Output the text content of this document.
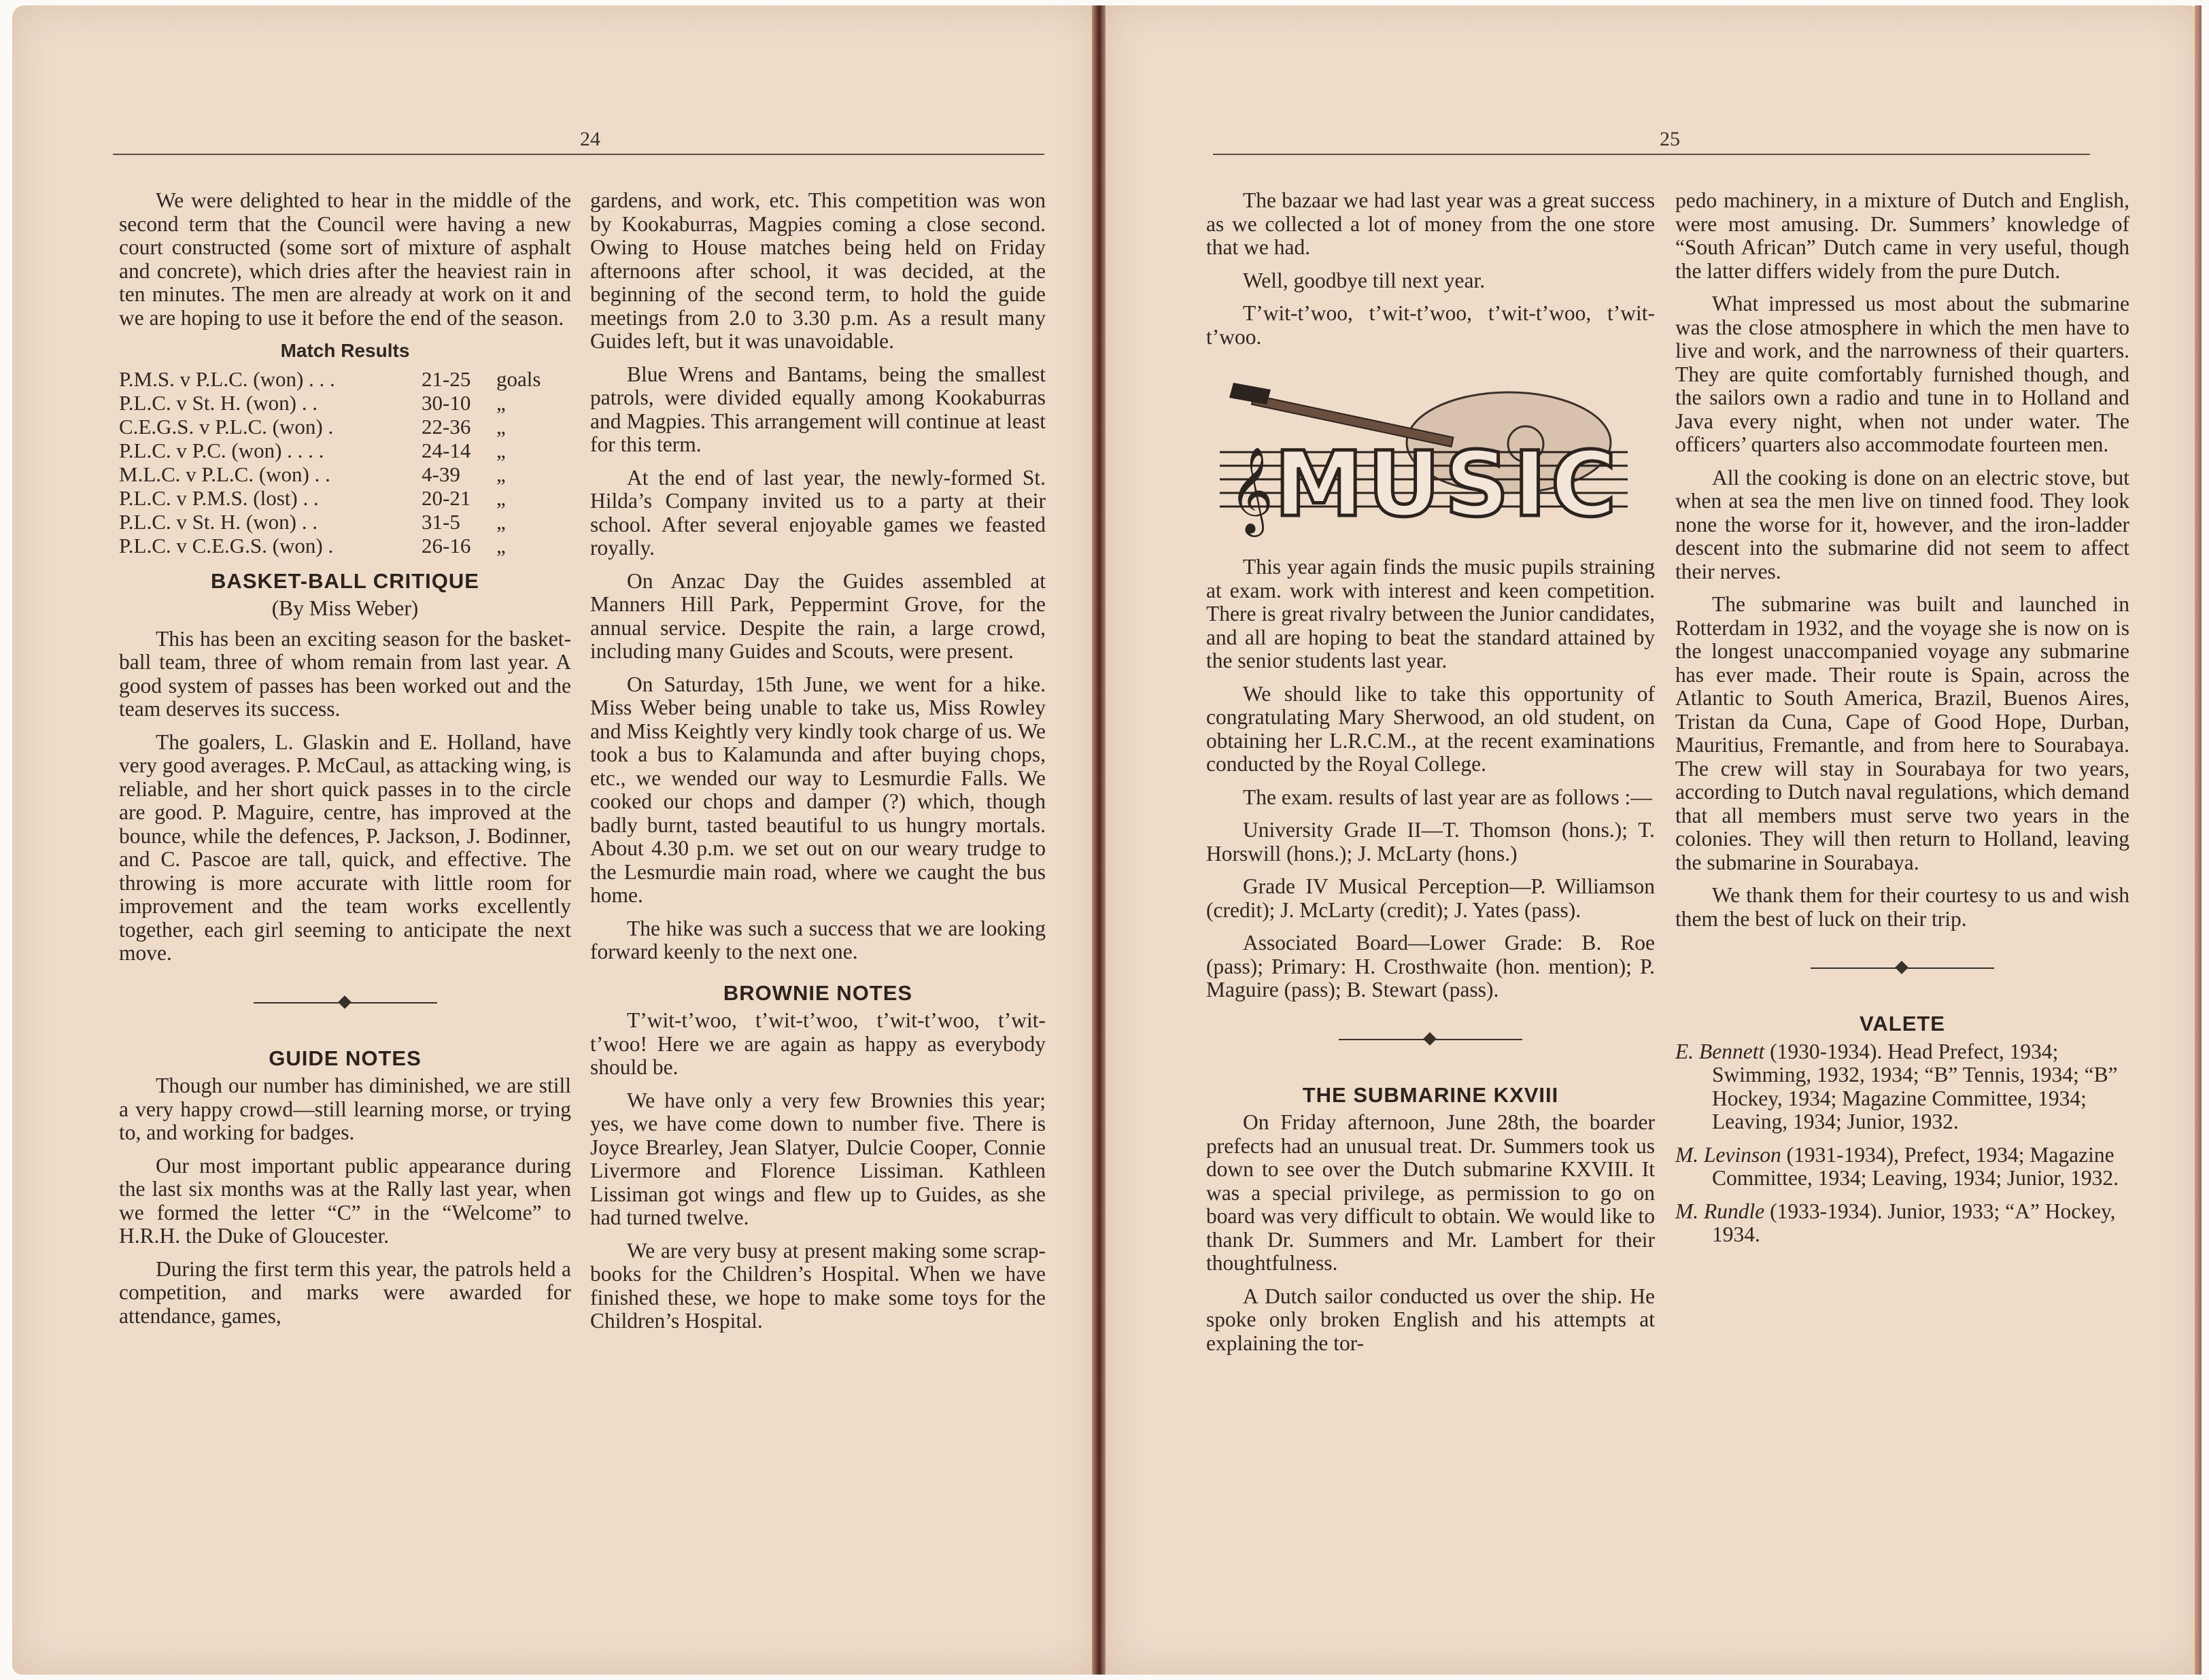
24

We were delighted to hear in the middle of the second term that the Council were having a new court constructed (some sort of mixture of asphalt and concrete), which dries after the heaviest rain in ten minutes. The men are already at work on it and we are hoping to use it before the end of the season.

Match Results
P.M.S. v P.L.C. (won) . . .	21-25	goals
P.L.C. v St. H. (won) . .	30-10	„
C.E.G.S. v P.L.C. (won) .	22-36	„
P.L.C. v P.C. (won) . . . .	24-14	„
M.L.C. v P.L.C. (won) . .	4-39	„
P.L.C. v P.M.S. (lost) . .	20-21	„
P.L.C. v St. H. (won) . .	31-5	„
P.L.C. v C.E.G.S. (won) .	26-16	„
BASKET-BALL CRITIQUE
(By Miss Weber)

This has been an exciting season for the basket-ball team, three of whom remain from last year. A good system of passes has been worked out and the team deserves its success.

The goalers, L. Glaskin and E. Holland, have very good averages. P. McCaul, as attacking wing, is reliable, and her short quick passes in to the circle are good. P. Maguire, centre, has improved at the bounce, while the defences, P. Jackson, J. Bodinner, and C. Pascoe are tall, quick, and effective. The throwing is more accurate with little room for improvement and the team works excellently together, each girl seeming to anticipate the next move.

GUIDE NOTES

Though our number has diminished, we are still a very happy crowd—still learning morse, or trying to, and working for badges.

Our most important public appearance during the last six months was at the Rally last year, when we formed the letter “C” in the “Welcome” to H.R.H. the Duke of Gloucester.

During the first term this year, the patrols held a competition, and marks were awarded for attendance, games,

gardens, and work, etc. This competition was won by Kookaburras, Magpies coming a close second. Owing to House matches being held on Friday afternoons after school, it was decided, at the beginning of the second term, to hold the guide meetings from 2.0 to 3.30 p.m. As a result many Guides left, but it was unavoidable.

Blue Wrens and Bantams, being the smallest patrols, were divided equally among Kookaburras and Magpies. This arrangement will continue at least for this term.

At the end of last year, the newly-formed St. Hilda’s Company invited us to a party at their school. After several enjoyable games we feasted royally.

On Anzac Day the Guides assembled at Manners Hill Park, Peppermint Grove, for the annual service. Despite the rain, a large crowd, including many Guides and Scouts, were present.

On Saturday, 15th June, we went for a hike. Miss Weber being unable to take us, Miss Rowley and Miss Keightly very kindly took charge of us. We took a bus to Kalamunda and after buying chops, etc., we wended our way to Lesmurdie Falls. We cooked our chops and damper (?) which, though badly burnt, tasted beautiful to us hungry mortals. About 4.30 p.m. we set out on our weary trudge to the Lesmurdie main road, where we caught the bus home.

The hike was such a success that we are looking forward keenly to the next one.

BROWNIE NOTES

T’wit-t’woo, t’wit-t’woo, t’wit-t’woo, t’wit-t’woo! Here we are again as happy as everybody should be.

We have only a very few Brownies this year; yes, we have come down to number five. There is Joyce Brearley, Jean Slatyer, Dulcie Cooper, Connie Livermore and Florence Lissiman. Kathleen Lissiman got wings and flew up to Guides, as she had turned twelve.

We are very busy at present making some scrap-books for the Children’s Hospital. When we have finished these, we hope to make some toys for the Children’s Hospital.

25

The bazaar we had last year was a great success as we collected a lot of money from the one store that we had.

Well, goodbye till next year.

T’wit-t’woo, t’wit-t’woo, t’wit-t’woo, t’wit-t’woo.

𝄞 MUSIC

This year again finds the music pupils straining at exam. work with interest and keen competition. There is great rivalry between the Junior candidates, and all are hoping to beat the standard attained by the senior students last year.

We should like to take this opportunity of congratulating Mary Sherwood, an old student, on obtaining her L.R.C.M., at the recent examinations conducted by the Royal College.

The exam. results of last year are as follows :—

University Grade II—T. Thomson (hons.); T. Horswill (hons.); J. McLarty (hons.)

Grade IV Musical Perception—P. Williamson (credit); J. McLarty (credit); J. Yates (pass).

Associated Board—Lower Grade: B. Roe (pass); Primary: H. Crosthwaite (hon. mention); P. Maguire (pass); B. Stewart (pass).

THE SUBMARINE KXVIII

On Friday afternoon, June 28th, the boarder prefects had an unusual treat. Dr. Summers took us down to see over the Dutch submarine KXVIII. It was a special privilege, as permission to go on board was very difficult to obtain. We would like to thank Dr. Summers and Mr. Lambert for their thoughtfulness.

A Dutch sailor conducted us over the ship. He spoke only broken English and his attempts at explaining the tor-

pedo machinery, in a mixture of Dutch and English, were most amusing. Dr. Summers’ knowledge of “South African” Dutch came in very useful, though the latter differs widely from the pure Dutch.

What impressed us most about the submarine was the close atmosphere in which the men have to live and work, and the narrowness of their quarters. They are quite comfortably furnished though, and the sailors own a radio and tune in to Holland and Java every night, when not under water. The officers’ quarters also accommodate fourteen men.

All the cooking is done on an electric stove, but when at sea the men live on tinned food. They look none the worse for it, however, and the iron-ladder descent into the submarine did not seem to affect their nerves.

The submarine was built and launched in Rotterdam in 1932, and the voyage she is now on is the longest unaccompanied voyage any submarine has ever made. Their route is Spain, across the Atlantic to South America, Brazil, Buenos Aires, Tristan da Cuna, Cape of Good Hope, Durban, Mauritius, Fremantle, and from here to Sourabaya. The crew will stay in Sourabaya for two years, according to Dutch naval regulations, which demand that all members must serve two years in the colonies. They will then return to Holland, leaving the submarine in Sourabaya.

We thank them for their courtesy to us and wish them the best of luck on their trip.

VALETE

E. Bennett (1930-1934). Head Prefect, 1934; Swimming, 1932, 1934; “B” Tennis, 1934; “B” Hockey, 1934; Magazine Committee, 1934; Leaving, 1934; Junior, 1932.

M. Levinson (1931-1934), Prefect, 1934; Magazine Committee, 1934; Leaving, 1934; Junior, 1932.

M. Rundle (1933-1934). Junior, 1933; “A” Hockey, 1934.
